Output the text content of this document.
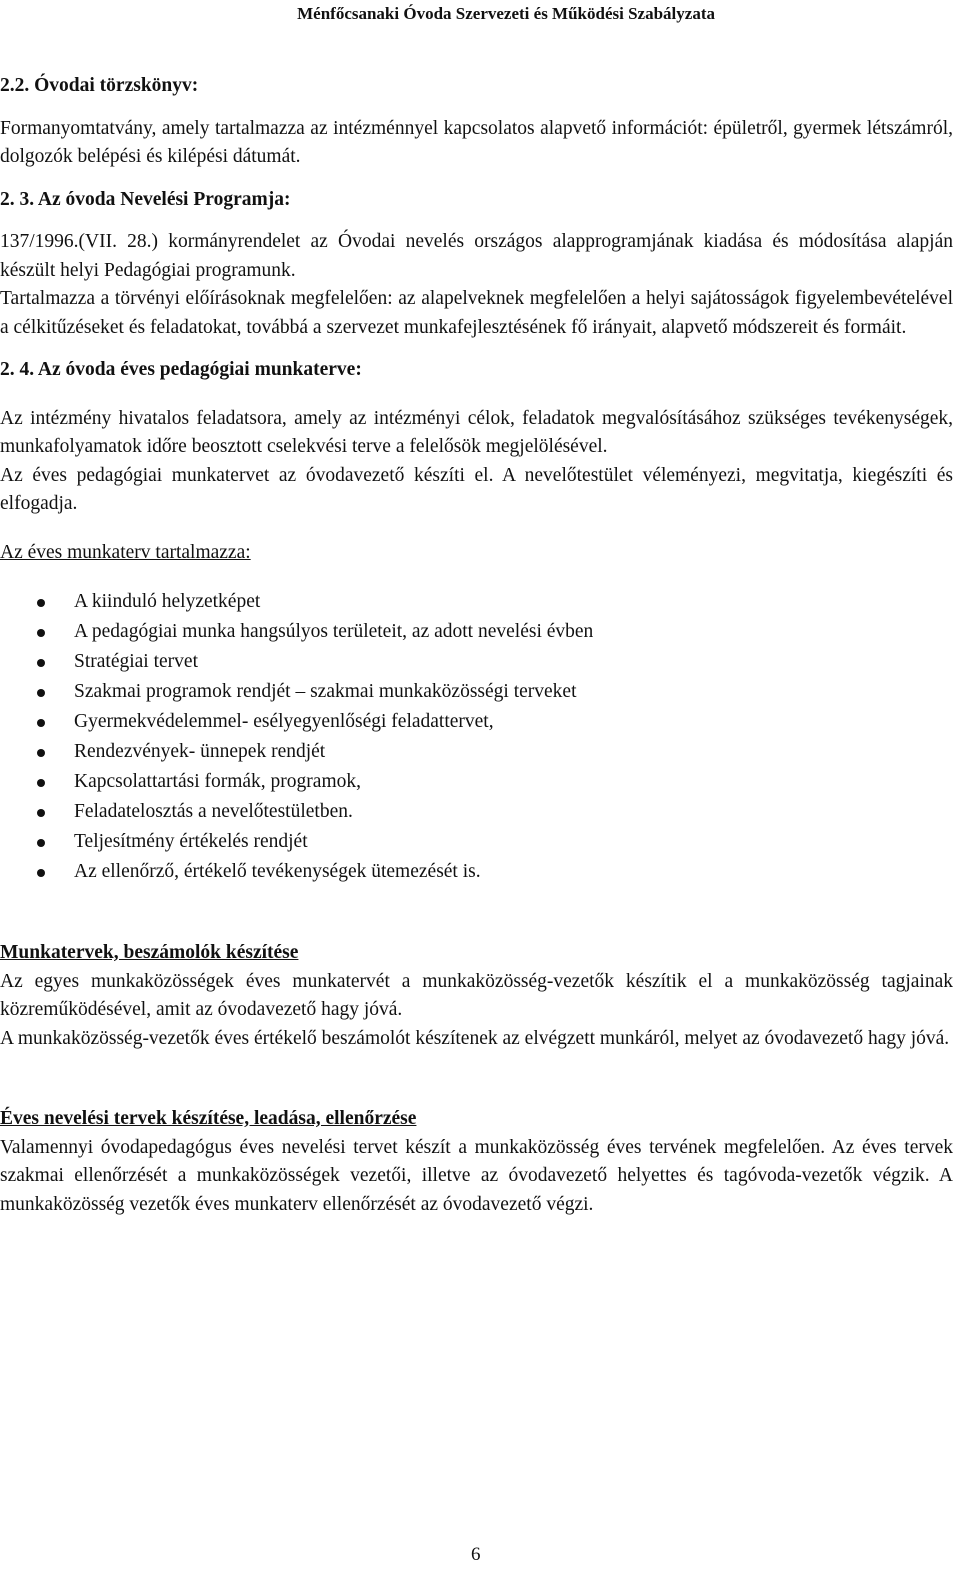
Ménfőcsanaki Óvoda Szervezeti és Működési Szabályzata

2.2. Óvodai törzskönyv:

Formanyomtatvány, amely tartalmazza az intézménnyel kapcsolatos alapvető információt: épületről, gyermek létszámról, dolgozók belépési és kilépési dátumát.

2. 3. Az óvoda Nevelési Programja:

137/1996.(VII. 28.) kormányrendelet az Óvodai nevelés országos alapprogramjának kiadása és módosítása alapján készült helyi Pedagógiai programunk.

Tartalmazza a törvényi előírásoknak megfelelően: az alapelveknek megfelelően a helyi sajátosságok figyelembevételével a célkitűzéseket és feladatokat, továbbá a szervezet munkafejlesztésének fő irányait, alapvető módszereit és formáit.

2. 4. Az óvoda éves pedagógiai munkaterve:

Az intézmény hivatalos feladatsora, amely az intézményi célok, feladatok megvalósításához szükséges tevékenységek, munkafolyamatok időre beosztott cselekvési terve a felelősök megjelölésével.

Az éves pedagógiai munkatervet az óvodavezető készíti el. A nevelőtestület véleményezi, megvitatja, kiegészíti és elfogadja.

Az éves munkaterv tartalmazza:

A kiinduló helyzetképet
A pedagógiai munka hangsúlyos területeit, az adott nevelési évben
Stratégiai tervet
Szakmai programok rendjét – szakmai munkaközösségi terveket
Gyermekvédelemmel- esélyegyenlőségi feladattervet,
Rendezvények- ünnepek rendjét
Kapcsolattartási formák, programok,
Feladatelosztás a nevelőtestületben.
Teljesítmény értékelés rendjét
Az ellenőrző, értékelő tevékenységek ütemezését is.

Munkatervek, beszámolók készítése

Az egyes munkaközösségek éves munkatervét a munkaközösség-vezetők készítik el a munkaközösség tagjainak közreműködésével, amit az óvodavezető hagy jóvá.

A munkaközösség-vezetők éves értékelő beszámolót készítenek az elvégzett munkáról, melyet az óvodavezető hagy jóvá.

Éves nevelési tervek készítése, leadása, ellenőrzése

Valamennyi óvodapedagógus éves nevelési tervet készít a munkaközösség éves tervének megfelelően. Az éves tervek szakmai ellenőrzését a munkaközösségek vezetői, illetve az óvodavezető helyettes és tagóvoda-vezetők végzik. A munkaközösség vezetők éves munkaterv ellenőrzését az óvodavezető végzi.

6
